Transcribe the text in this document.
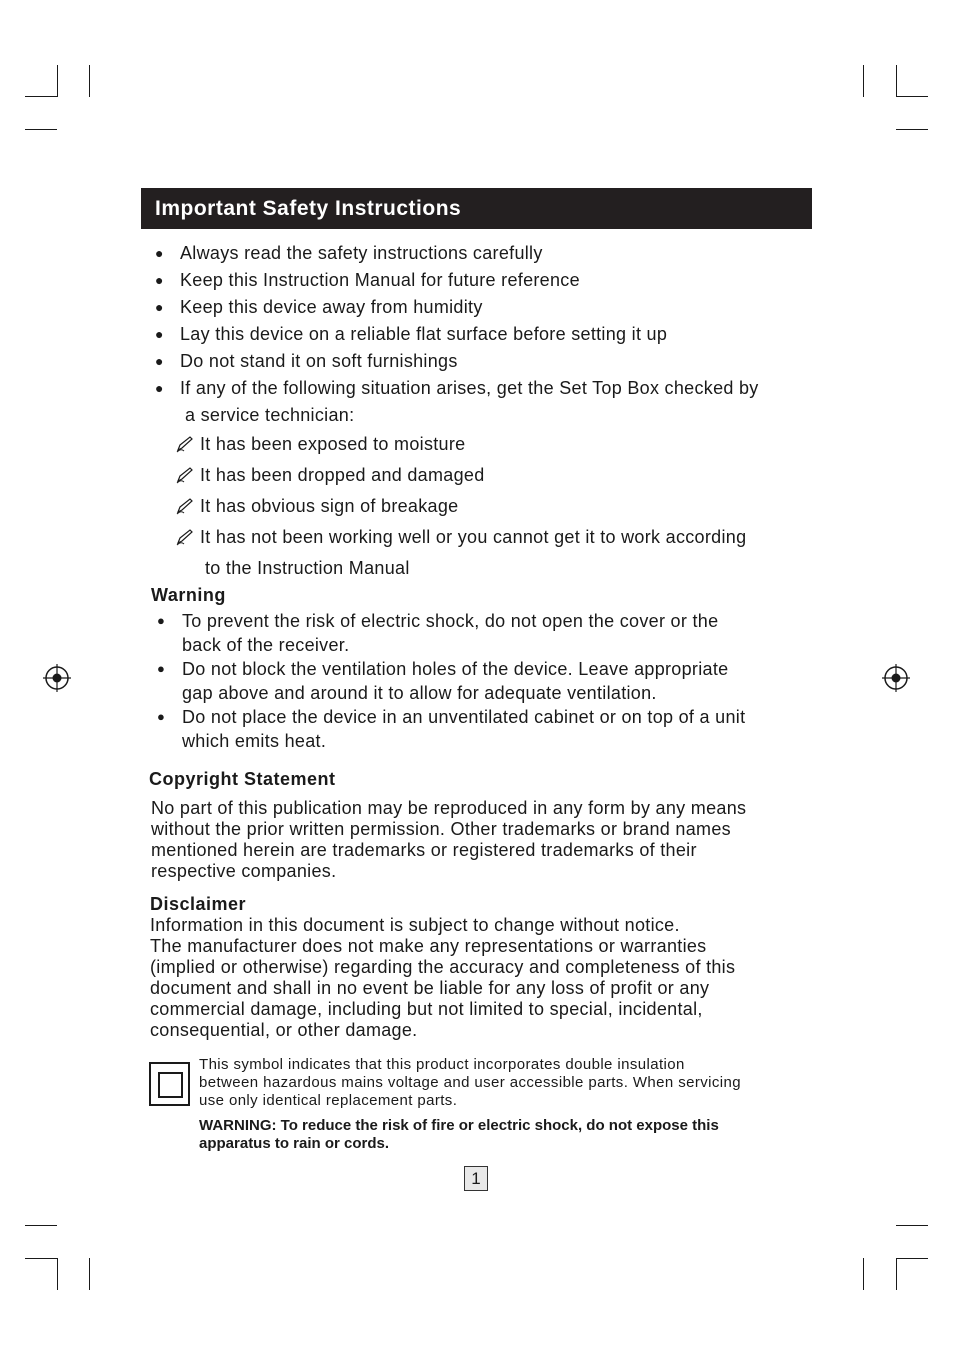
Important Safety Instructions
● Always read the safety instructions carefully
● Keep this Instruction Manual for future reference
● Keep this device away from humidity
● Lay this device on a reliable flat surface before setting it up
● Do not stand it on soft furnishings
● If any of the following situation arises, get the Set Top Box checked by
a service technician:
It has been exposed to moisture
It has been dropped and damaged
It has obvious sign of breakage
It has not been working well or you cannot get it to work according
to the Instruction Manual
Warning
● To prevent the risk of electric shock, do not open the cover or the
back of the receiver.
● Do not block the ventilation holes of the device. Leave appropriate
gap above and around it to allow for adequate ventilation.
● Do not place the device in an unventilated cabinet or on top of a unit
which emits heat.
Copyright Statement
No part of this publication may be reproduced in any form by any means
without the prior written permission. Other trademarks or brand names
mentioned herein are trademarks or registered trademarks of their
respective companies.
Disclaimer
Information in this document is subject to change without notice.
The manufacturer does not make any representations or warranties
(implied or otherwise) regarding the accuracy and completeness of this
document and shall in no event be liable for any loss of profit or any
commercial damage, including but not limited to special, incidental,
consequential, or other damage.
This symbol indicates that this product incorporates double insulation
between hazardous mains voltage and user accessible parts. When servicing
use only identical replacement parts.
WARNING: To reduce the risk of fire or electric shock, do not expose this
apparatus to rain or cords.
1
